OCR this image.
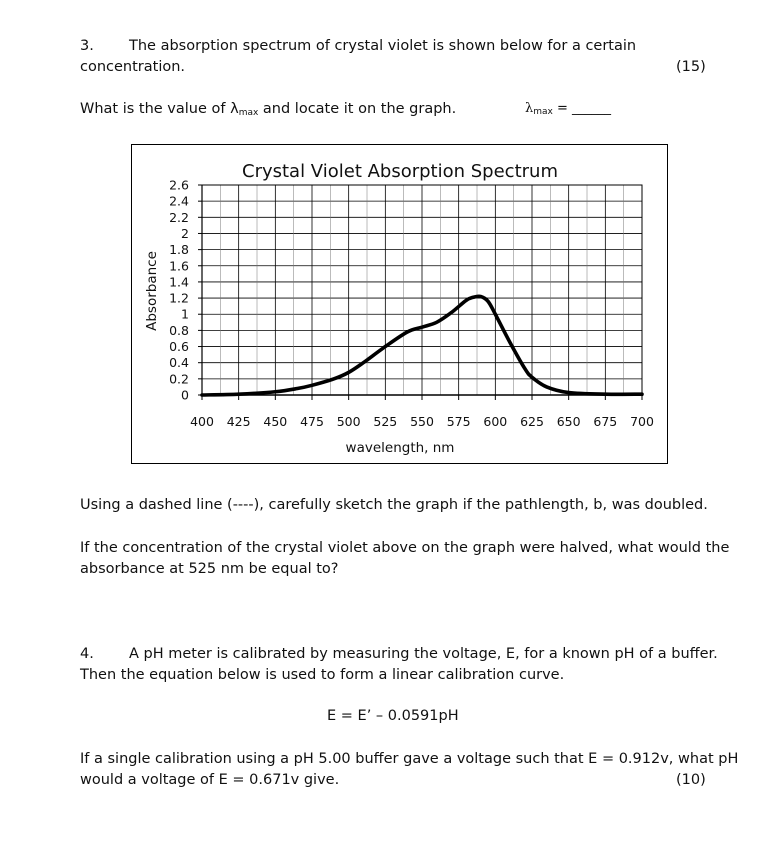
3. The absorption spectrum of crystal violet is shown below for a certain
concentration.	(15)
What is the value of $\lambda_{max}$ and locate it on the graph.	$\lambda_{max}$ = ______
Crystal Violet Absorption Spectrum
wavelength, nm
Absorbance
0
0.2
0.4
0.6
0.8
1
1.2
1.4
1.6
1.8
2
2.2
2.4
2.6
400 425 450 475 500 525 550 575 600 625 650 675 700
Using a dashed line (----), carefully sketch the graph if the pathlength, b, was doubled.
If the concentration of the crystal violet above on the graph were halved, what would the
absorbance at 525 nm be equal to?
4. A pH meter is calibrated by measuring the voltage, E, for a known pH of a buffer.
Then the equation below is used to form a linear calibration curve.
E = E’ – 0.0591pH
If a single calibration using a pH 5.00 buffer gave a voltage such that E = 0.912v, what pH
would a voltage of E = 0.671v give.	(10)
